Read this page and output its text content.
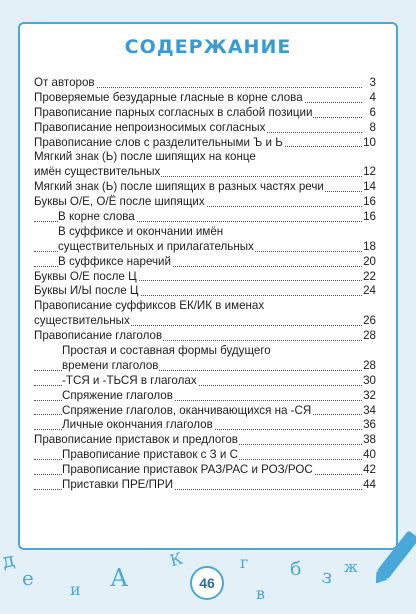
СОДЕРЖАНИЕ
От авторов	3
Проверяемые безударные гласные в корне слова	4
Правописание парных согласных в слабой позиции	6
Правописание непроизносимых согласных	8
Правописание слов с разделительными Ъ и Ь	10
Мягкий знак (Ь) после шипящих на конце
имён существительных	12
Мягкий знак (Ь) после шипящих в разных частях речи	14
Буквы О/Е, О/Ё после шипящих	16
В корне слова	16
В суффиксе и окончании имён
существительных и прилагательных	18
В суффиксе наречий	20
Буквы О/Е после Ц	22
Буквы И/Ы после Ц	24
Правописание суффиксов ЕК/ИК в именах
существительных	26
Правописание глаголов	28
Простая и составная формы будущего
времени глаголов	28
-ТСЯ и -ТЬСЯ в глаголах	30
Спряжение глаголов	32
Спряжение глаголов, оканчивающихся на -СЯ	34
Личные окончания глаголов	36
Правописание приставок и предлогов	38
Правописание приставок с З и С	40
Правописание приставок РАЗ/РАС и РОЗ/РОС	42
Приставки ПРЕ/ПРИ	44
д
е и А
К	г
в
б з ж
46
